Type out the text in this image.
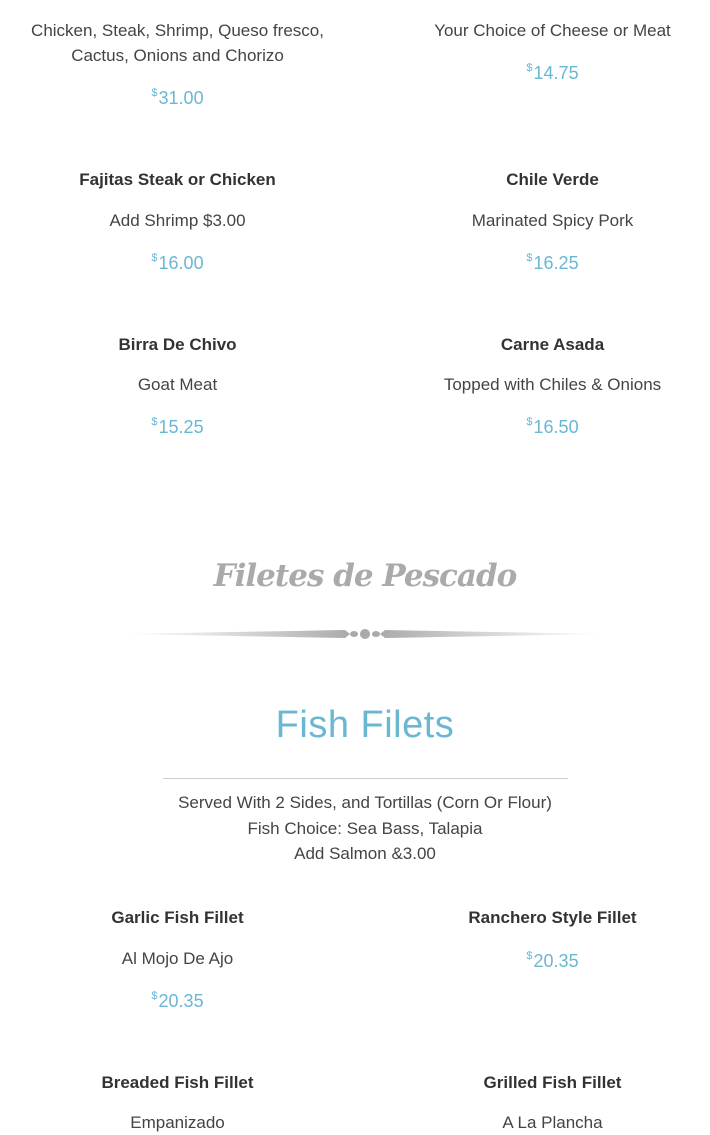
Chicken, Steak, Shrimp, Queso fresco,
Cactus, Onions and Chorizo
$31.00
Your Choice of Cheese or Meat
$14.75
Fajitas Steak or Chicken
Add Shrimp $3.00
$16.00
Chile Verde
Marinated Spicy Pork
$16.25
Birra De Chivo
Goat Meat
$15.25
Carne Asada
Topped with Chiles & Onions
$16.50
Filetes de Pescado
Fish Filets
Served With 2 Sides, and Tortillas (Corn Or Flour)
Fish Choice: Sea Bass, Talapia
Add Salmon &3.00
Garlic Fish Fillet
Al Mojo De Ajo
$20.35
Ranchero Style Fillet
$20.35
Breaded Fish Fillet
Empanizado
Grilled Fish Fillet
A La Plancha
